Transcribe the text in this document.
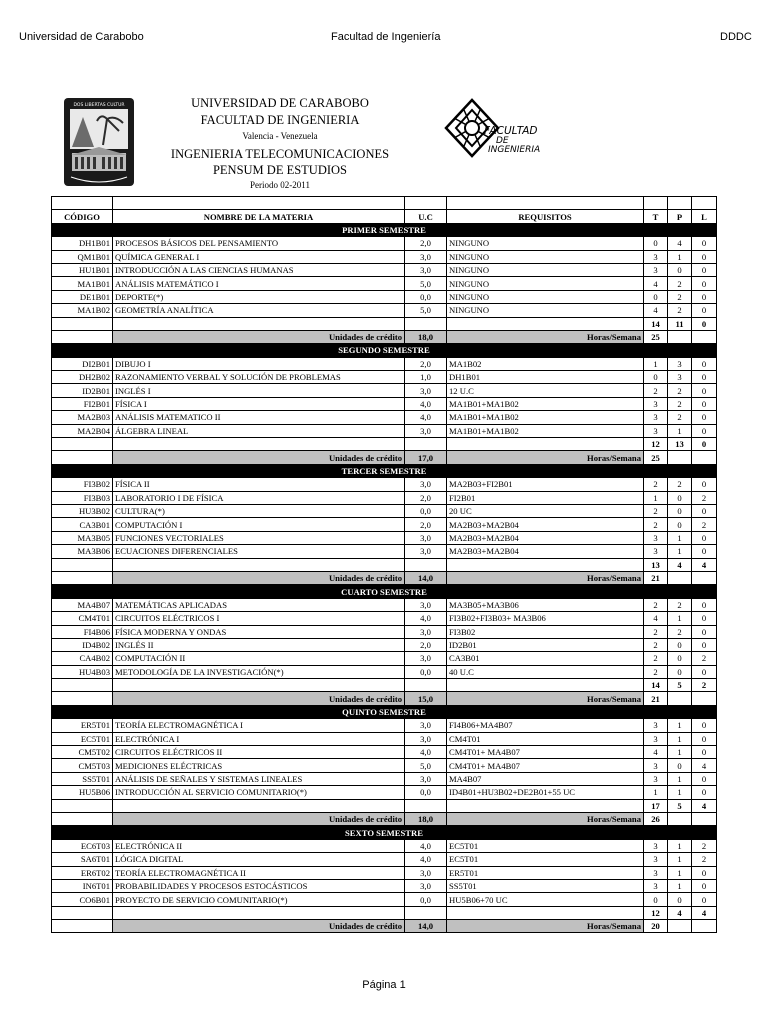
Universidad de Carabobo	Facultad de Ingeniería	DDDC
DOS LIBERTAS CULTUR	UNIVERSIDAD DE CARABOBO
FACULTAD DE INGENIERIA
Valencia - Venezuela
INGENIERIA TELECOMUNICACIONES
PENSUM DE ESTUDIOS
Periodo 02-2011
FACULTAD
DE
INGENIERIA

CÓDIGO	NOMBRE DE LA MATERIA	U.C	REQUISITOS	T	P	L
PRIMER SEMESTRE						
DH1B01	PROCESOS BÁSICOS DEL PENSAMIENTO	2,0	NINGUNO	0	4	0
QM1B01	QUÍMICA GENERAL I	3,0	NINGUNO	3	1	0
HU1B01	INTRODUCCIÓN A LAS CIENCIAS HUMANAS	3,0	NINGUNO	3	0	0
MA1B01	ANÁLISIS MATEMÁTICO I	5,0	NINGUNO	4	2	0
DE1B01	DEPORTE(*)	0,0	NINGUNO	0	2	0
MA1B02	GEOMETRÍA ANALÍTICA	5,0	NINGUNO	4	2	0
				14	11	0
	Unidades de crédito	18,0	Horas/Semana	25		
SEGUNDO SEMESTRE						
DI2B01	DIBUJO I	2,0	MA1B02	1	3	0
DH2B02	RAZONAMIENTO VERBAL Y SOLUCIÓN DE PROBLEMAS	1,0	DH1B01	0	3	0
ID2B01	INGLÉS I	3,0	12 U.C	2	2	0
FI2B01	FÍSICA I	4,0	MA1B01+MA1B02	3	2	0
MA2B03	ANÁLISIS MATEMATICO II	4,0	MA1B01+MA1B02	3	2	0
MA2B04	ÁLGEBRA LINEAL	3,0	MA1B01+MA1B02	3	1	0
				12	13	0
	Unidades de crédito	17,0	Horas/Semana	25		
TERCER SEMESTRE						
FI3B02	FÍSICA II	3,0	MA2B03+FI2B01	2	2	0
FI3B03	LABORATORIO I DE FÍSICA	2,0	FI2B01	1	0	2
HU3B02	CULTURA(*)	0,0	20 UC	2	0	0
CA3B01	COMPUTACIÓN I	2,0	MA2B03+MA2B04	2	0	2
MA3B05	FUNCIONES VECTORIALES	3,0	MA2B03+MA2B04	3	1	0
MA3B06	ECUACIONES DIFERENCIALES	3,0	MA2B03+MA2B04	3	1	0
				13	4	4
	Unidades de crédito	14,0	Horas/Semana	21		
CUARTO SEMESTRE						
MA4B07	MATEMÁTICAS APLICADAS	3,0	MA3B05+MA3B06	2	2	0
CM4T01	CIRCUITOS ELÉCTRICOS I	4,0	FI3B02+FI3B03+ MA3B06	4	1	0
FI4B06	FÍSICA MODERNA Y ONDAS	3,0	FI3B02	2	2	0
ID4B02	INGLÉS II	2,0	ID2B01	2	0	0
CA4B02	COMPUTACIÓN II	3,0	CA3B01	2	0	2
HU4B03	METODOLOGÍA DE LA INVESTIGACIÓN(*)	0,0	40 U.C	2	0	0
				14	5	2
	Unidades de crédito	15,0	Horas/Semana	21		
QUINTO SEMESTRE						
ER5T01	TEORÍA ELECTROMAGNÉTICA I	3,0	FI4B06+MA4B07	3	1	0
EC5T01	ELECTRÓNICA I	3,0	CM4T01	3	1	0
CM5T02	CIRCUITOS ELÉCTRICOS II	4,0	CM4T01+ MA4B07	4	1	0
CM5T03	MEDICIONES ELÉCTRICAS	5,0	CM4T01+ MA4B07	3	0	4
SS5T01	ANÁLISIS DE SEÑALES Y SISTEMAS LINEALES	3,0	MA4B07	3	1	0
HU5B06	INTRODUCCIÓN AL SERVICIO COMUNITARIO(*)	0,0	ID4B01+HU3B02+DE2B01+55 UC	1	1	0
				17	5	4
	Unidades de crédito	18,0	Horas/Semana	26		
SEXTO SEMESTRE						
EC6T03	ELECTRÓNICA II	4,0	EC5T01	3	1	2
SA6T01	LÓGICA DIGITAL	4,0	EC5T01	3	1	2
ER6T02	TEORÍA ELECTROMAGNÉTICA II	3,0	ER5T01	3	1	0
IN6T01	PROBABILIDADES Y PROCESOS ESTOCÁSTICOS	3,0	SS5T01	3	1	0
CO6B01	PROYECTO DE SERVICIO COMUNITARIO(*)	0,0	HU5B06+70 UC	0	0	0
				12	4	4
	Unidades de crédito	14,0	Horas/Semana	20		
Página 1
